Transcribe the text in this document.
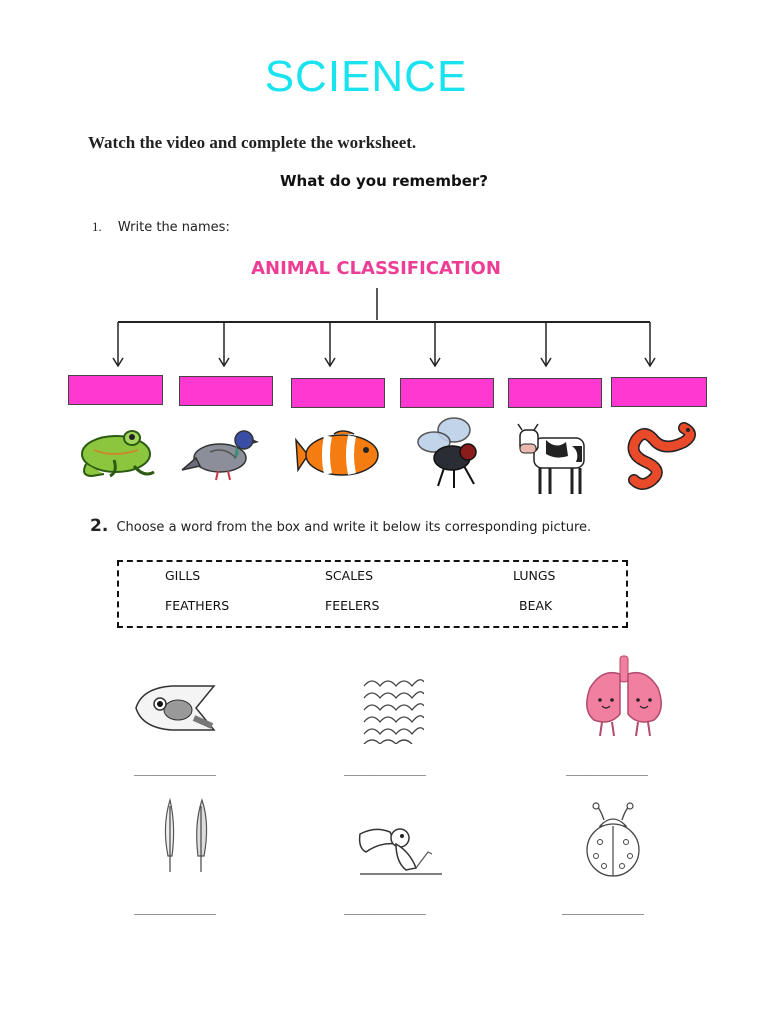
SCIENCE
Watch the video and complete the worksheet.
What do you remember?
1. Write the names:
ANIMAL CLASSIFICATION
2. Choose a word from the box and write it below its corresponding picture.
GILLS	SCALES	LUNGS
FEATHERS	FEELERS	BEAK
_____________	_____________	_____________
_____________	_____________	_____________
